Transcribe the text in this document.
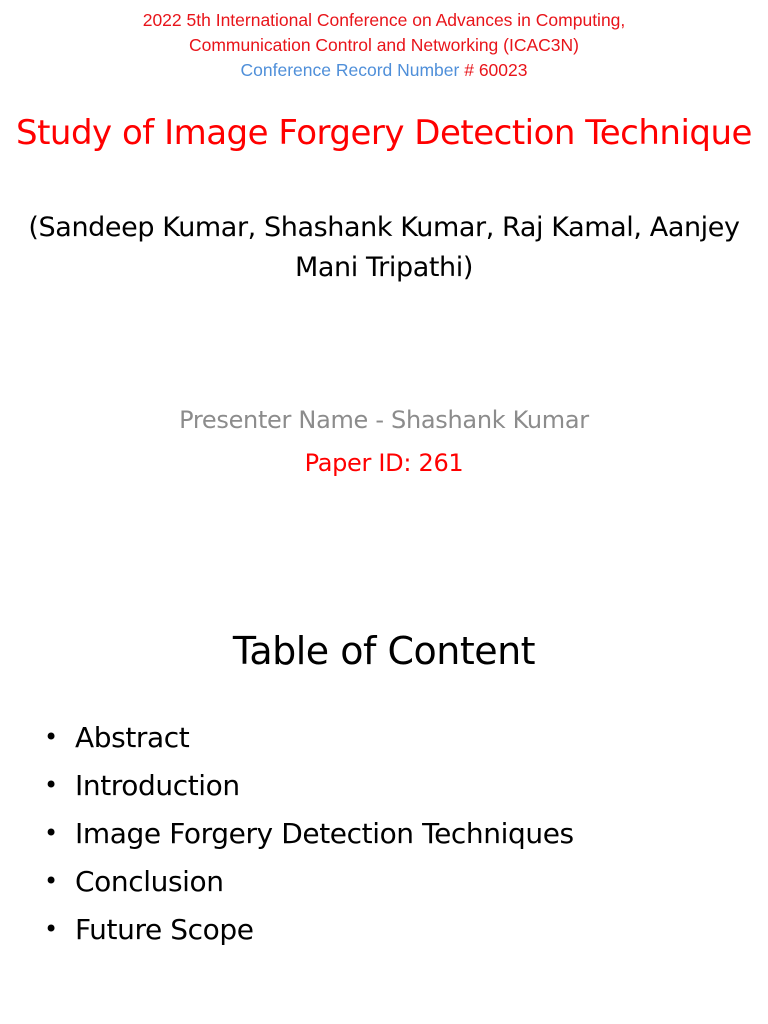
2022 5th International Conference on Advances in Computing,
Communication Control and Networking (ICAC3N)
Conference Record Number # 60023
Study of Image Forgery Detection Technique
(Sandeep Kumar, Shashank Kumar, Raj Kamal, Aanjey Mani Tripathi)
Presenter Name - Shashank Kumar
Paper ID: 261
Table of Content
• Abstract
• Introduction
• Image Forgery Detection Techniques
• Conclusion
• Future Scope
